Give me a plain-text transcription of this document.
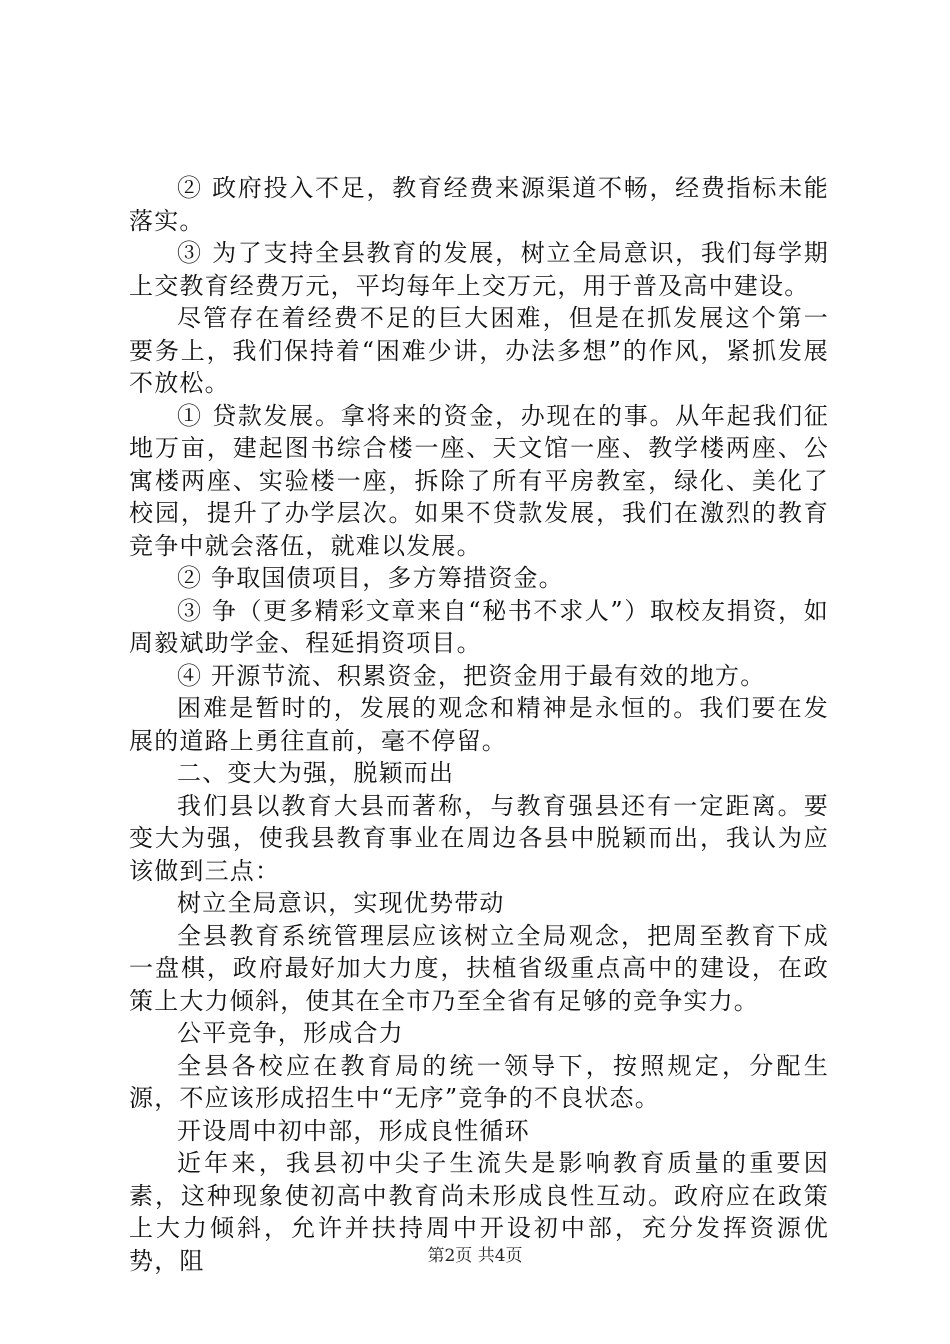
② 政府投入不足，教育经费来源渠道不畅，经费指标未能落实。

③ 为了支持全县教育的发展，树立全局意识，我们每学期上交教育经费万元，平均每年上交万元，用于普及高中建设。

尽管存在着经费不足的巨大困难，但是在抓发展这个第一要务上，我们保持着“困难少讲，办法多想”的作风，紧抓发展不放松。

① 贷款发展。拿将来的资金，办现在的事。从年起我们征地万亩，建起图书综合楼一座、天文馆一座、教学楼两座、公寓楼两座、实验楼一座，拆除了所有平房教室，绿化、美化了校园，提升了办学层次。如果不贷款发展，我们在激烈的教育竞争中就会落伍，就难以发展。

② 争取国债项目，多方筹措资金。

③ 争（更多精彩文章来自“秘书不求人”）取校友捐资，如周毅斌助学金、程延捐资项目。

④ 开源节流、积累资金，把资金用于最有效的地方。

困难是暂时的，发展的观念和精神是永恒的。我们要在发展的道路上勇往直前，毫不停留。

二、变大为强，脱颖而出

我们县以教育大县而著称，与教育强县还有一定距离。要变大为强，使我县教育事业在周边各县中脱颖而出，我认为应该做到三点：

树立全局意识，实现优势带动

全县教育系统管理层应该树立全局观念，把周至教育下成一盘棋，政府最好加大力度，扶植省级重点高中的建设，在政策上大力倾斜，使其在全市乃至全省有足够的竞争实力。

公平竞争，形成合力

全县各校应在教育局的统一领导下，按照规定，分配生源，不应该形成招生中“无序”竞争的不良状态。

开设周中初中部，形成良性循环

近年来，我县初中尖子生流失是影响教育质量的重要因素，这种现象使初高中教育尚未形成良性互动。政府应在政策上大力倾斜，允许并扶持周中开设初中部，充分发挥资源优势，阻	第2页 共4页
